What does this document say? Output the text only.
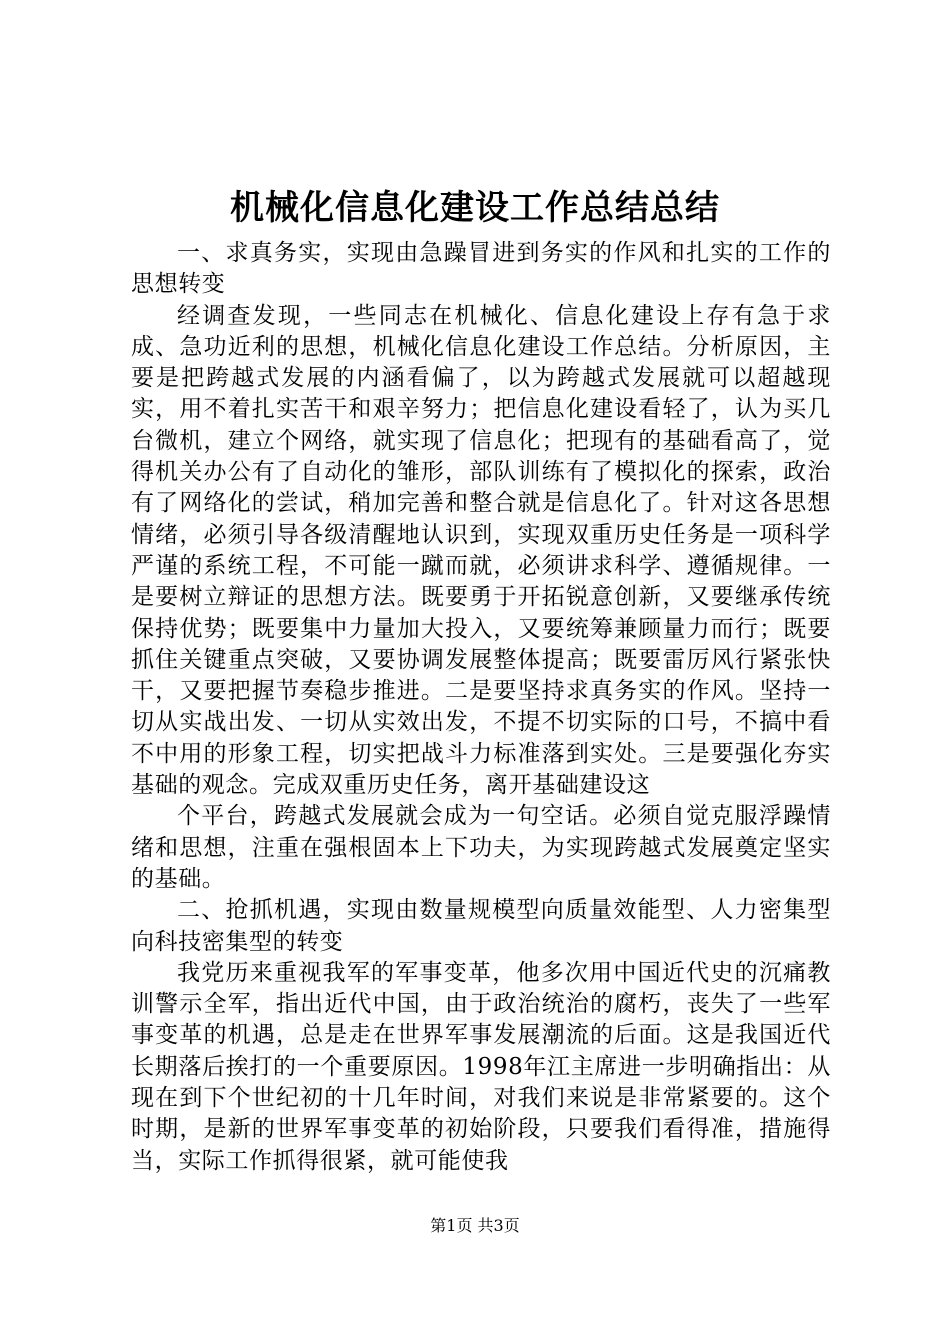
机械化信息化建设工作总结总结

一、求真务实，实现由急躁冒进到务实的作风和扎实的工作的思想转变

经调查发现，一些同志在机械化、信息化建设上存有急于求成、急功近利的思想，机械化信息化建设工作总结。分析原因，主要是把跨越式发展的内涵看偏了，以为跨越式发展就可以超越现实，用不着扎实苦干和艰辛努力；把信息化建设看轻了，认为买几台微机，建立个网络，就实现了信息化；把现有的基础看高了，觉得机关办公有了自动化的雏形，部队训练有了模拟化的探索，政治有了网络化的尝试，稍加完善和整合就是信息化了。针对这各思想情绪，必须引导各级清醒地认识到，实现双重历史任务是一项科学严谨的系统工程，不可能一蹴而就，必须讲求科学、遵循规律。一是要树立辩证的思想方法。既要勇于开拓锐意创新，又要继承传统保持优势；既要集中力量加大投入，又要统筹兼顾量力而行；既要抓住关键重点突破，又要协调发展整体提高；既要雷厉风行紧张快干，又要把握节奏稳步推进。二是要坚持求真务实的作风。坚持一切从实战出发、一切从实效出发，不提不切实际的口号，不搞中看不中用的形象工程，切实把战斗力标准落到实处。三是要强化夯实基础的观念。完成双重历史任务，离开基础建设这

个平台，跨越式发展就会成为一句空话。必须自觉克服浮躁情绪和思想，注重在强根固本上下功夫，为实现跨越式发展奠定坚实的基础。

二、抢抓机遇，实现由数量规模型向质量效能型、人力密集型向科技密集型的转变

我党历来重视我军的军事变革，他多次用中国近代史的沉痛教训警示全军，指出近代中国，由于政治统治的腐朽，丧失了一些军事变革的机遇，总是走在世界军事发展潮流的后面。这是我国近代长期落后挨打的一个重要原因。1998年江主席进一步明确指出：从现在到下个世纪初的十几年时间，对我们来说是非常紧要的。这个时期，是新的世界军事变革的初始阶段，只要我们看得准，措施得当，实际工作抓得很紧，就可能使我

第1页 共3页
